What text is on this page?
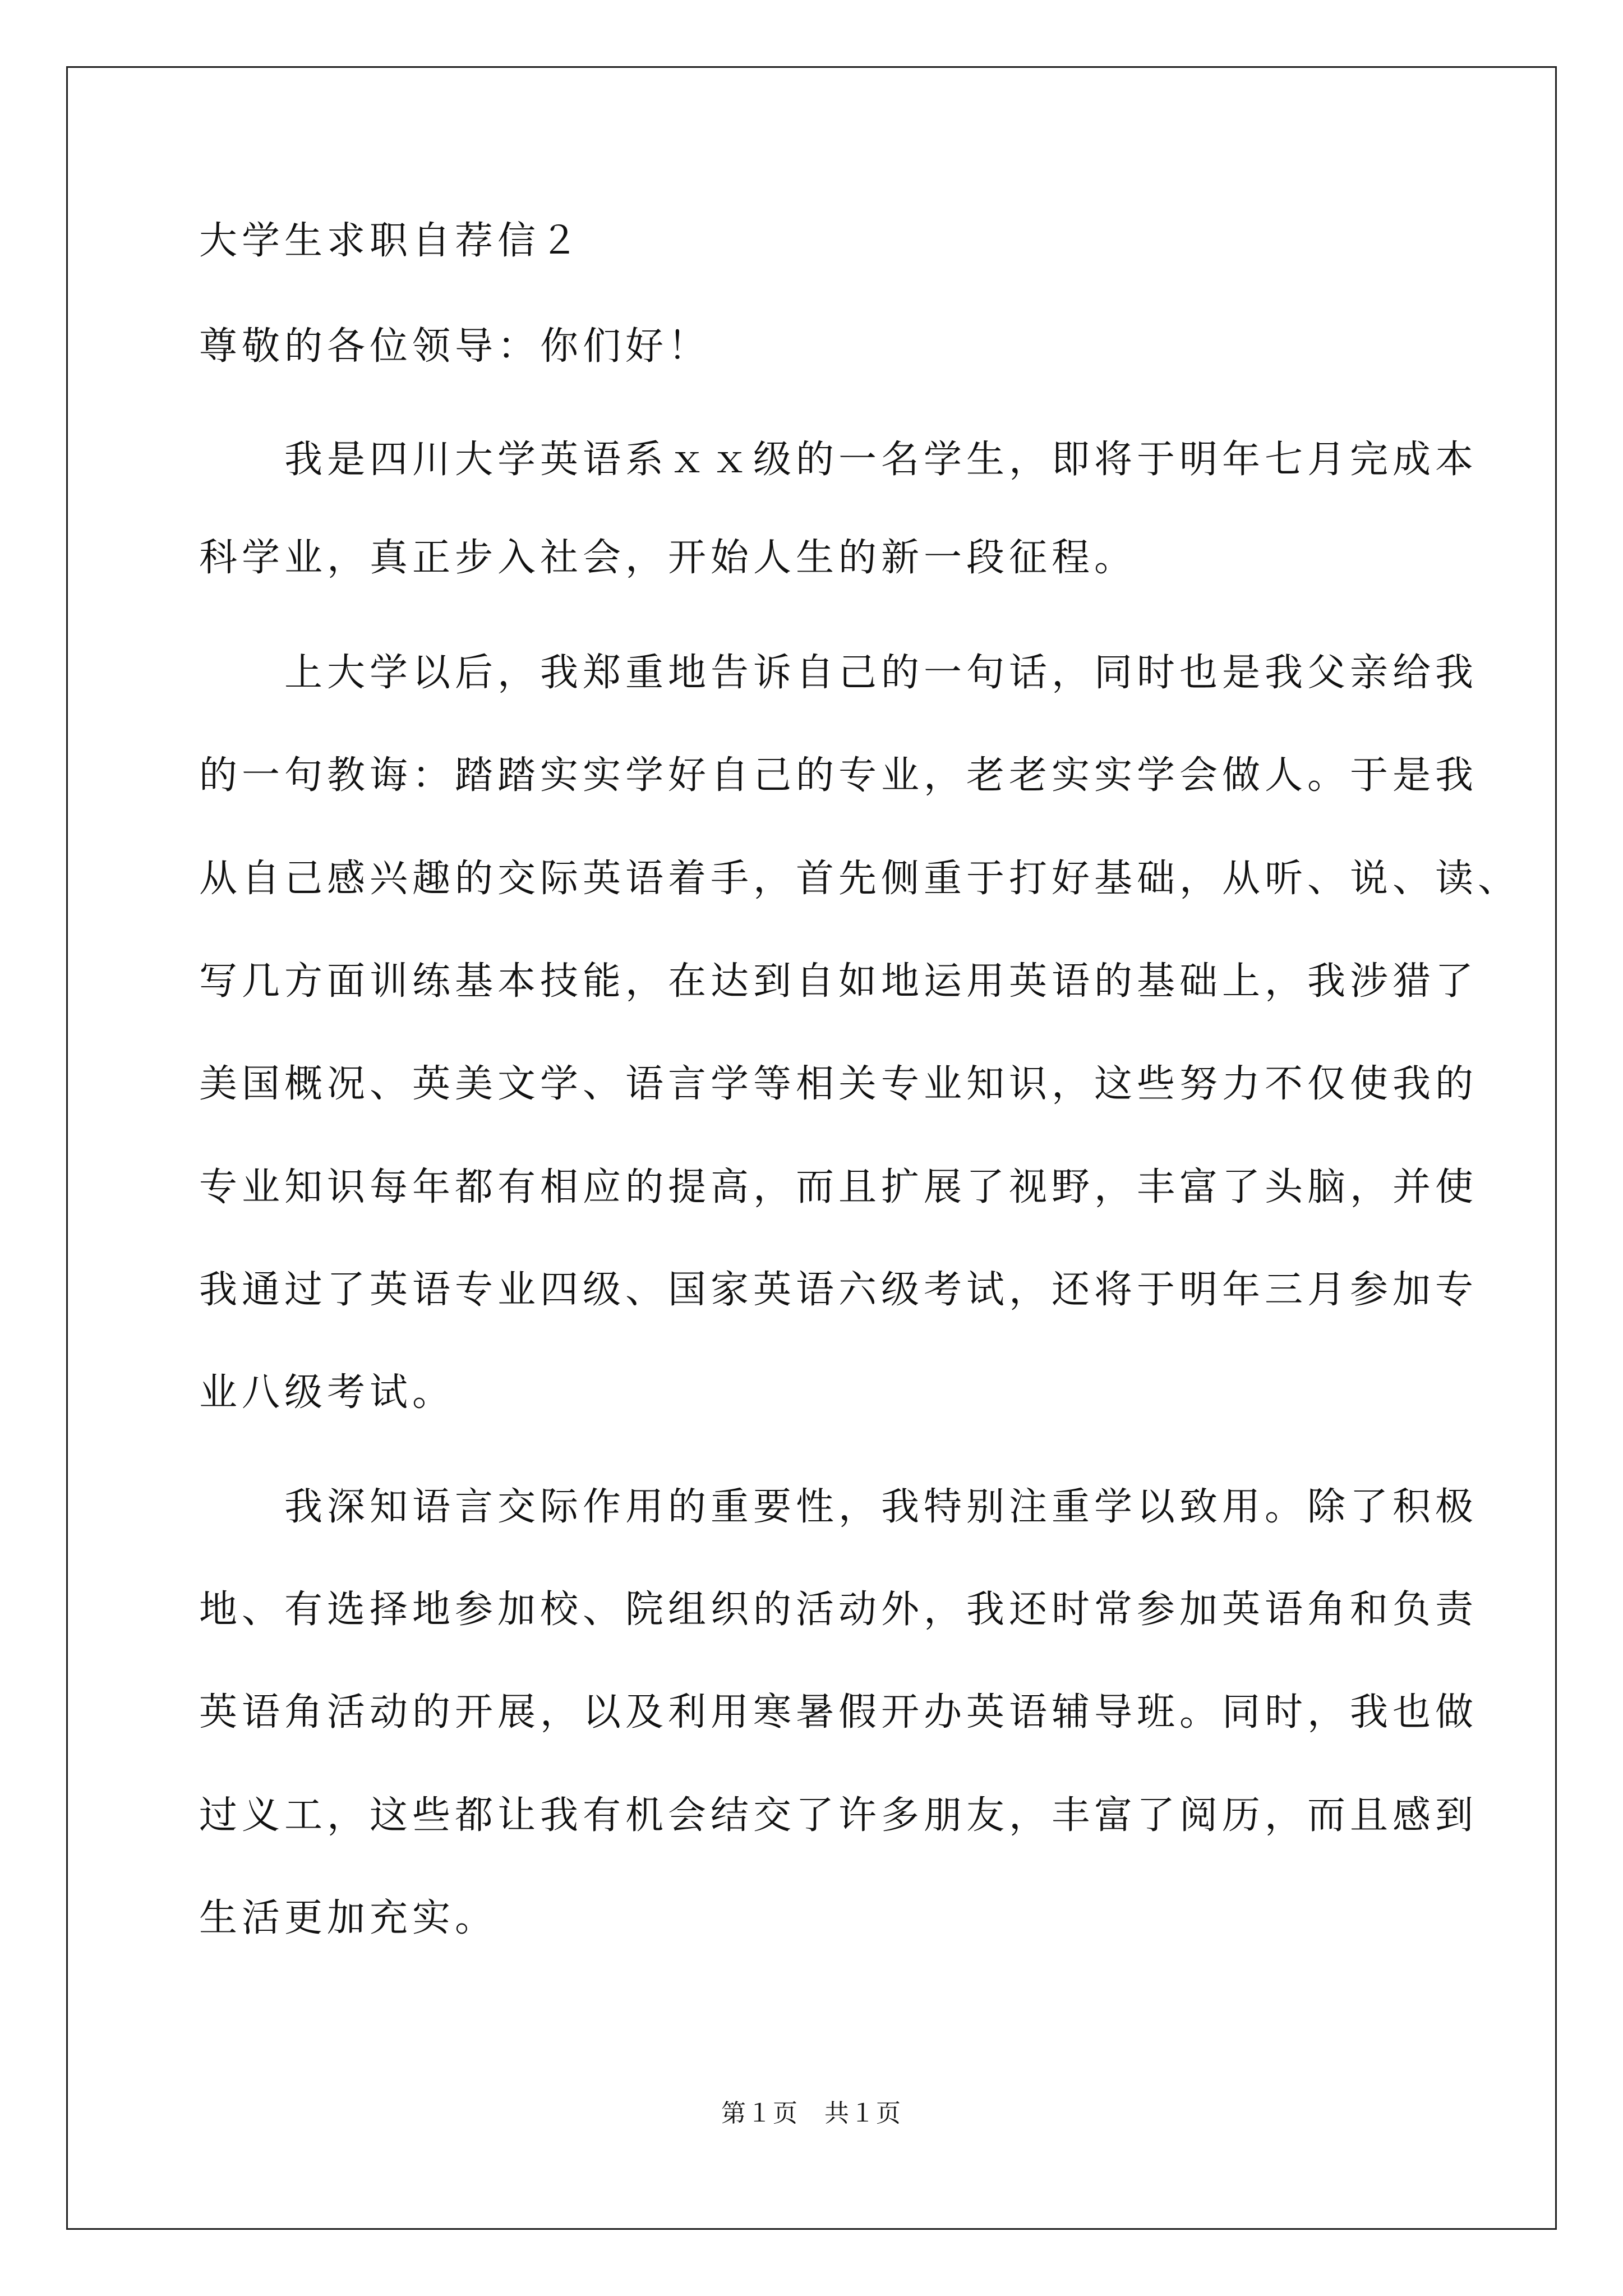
大学生求职自荐信２
尊敬的各位领导：你们好！
　　我是四川大学英语系ｘｘ级的一名学生，即将于明年七月完成本
科学业，真正步入社会，开始人生的新一段征程。
　　上大学以后，我郑重地告诉自己的一句话，同时也是我父亲给我
的一句教诲：踏踏实实学好自己的专业，老老实实学会做人。于是我
从自己感兴趣的交际英语着手，首先侧重于打好基础，从听、说、读、
写几方面训练基本技能，在达到自如地运用英语的基础上，我涉猎了
美国概况、英美文学、语言学等相关专业知识，这些努力不仅使我的
专业知识每年都有相应的提高，而且扩展了视野，丰富了头脑，并使
我通过了英语专业四级、国家英语六级考试，还将于明年三月参加专
业八级考试。
　　我深知语言交际作用的重要性，我特别注重学以致用。除了积极
地、有选择地参加校、院组织的活动外，我还时常参加英语角和负责
英语角活动的开展，以及利用寒暑假开办英语辅导班。同时，我也做
过义工，这些都让我有机会结交了许多朋友，丰富了阅历，而且感到
生活更加充实。
第１页　共１页
